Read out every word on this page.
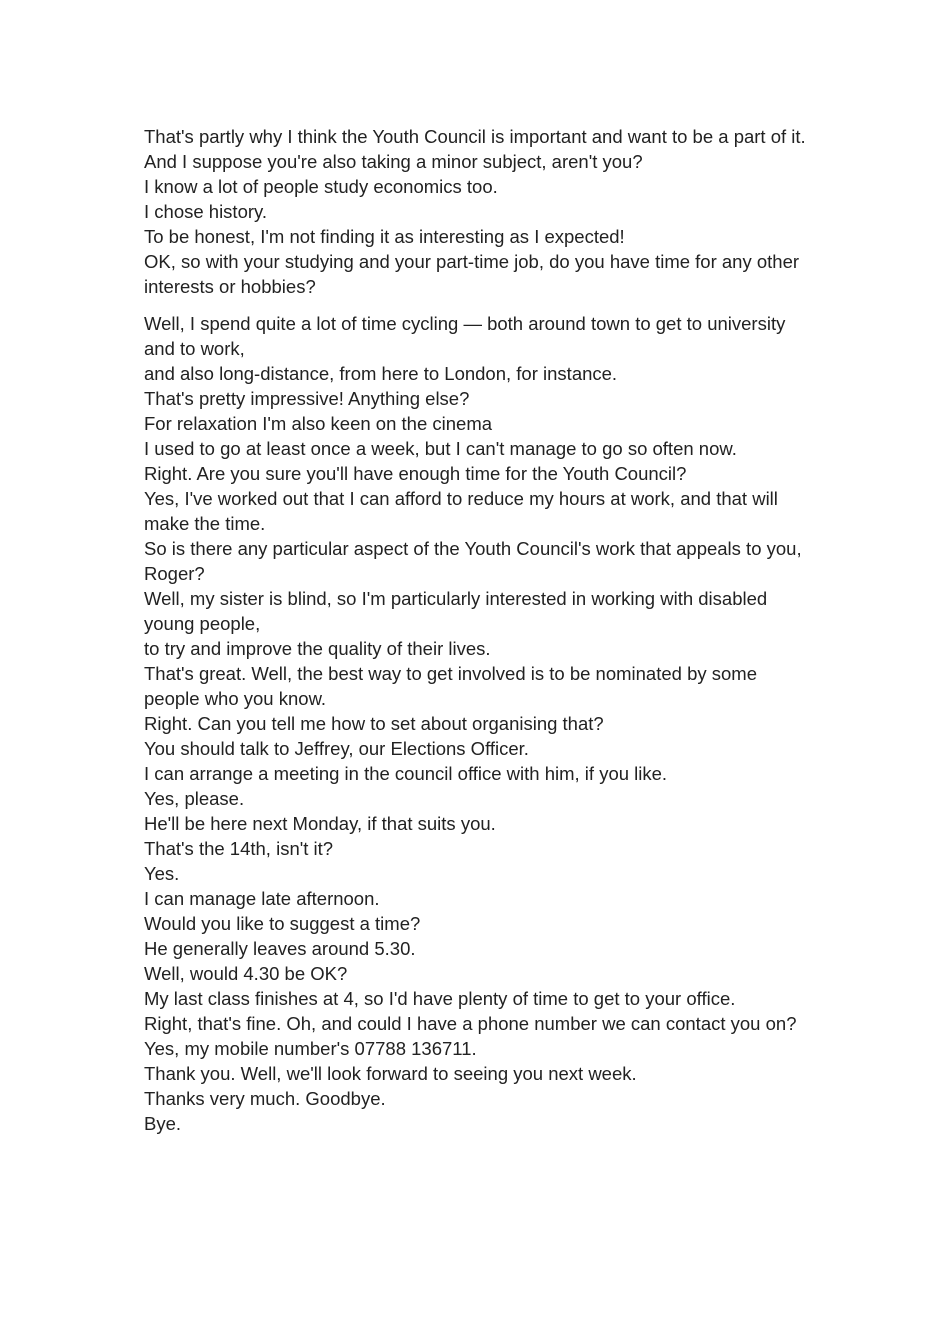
That's partly why I think the Youth Council is important and want to be a part of it.
And I suppose you're also taking a minor subject, aren't you?
I know a lot of people study economics too.
I chose history.
To be honest, I'm not finding it as interesting as I expected!
OK, so with your studying and your part-time job, do you have time for any other interests or hobbies?
Well, I spend quite a lot of time cycling — both around town to get to university and to work,
and also long-distance, from here to London, for instance.
That's pretty impressive! Anything else?
For relaxation I'm also keen on the cinema
I used to go at least once a week, but I can't manage to go so often now.
Right. Are you sure you'll have enough time for the Youth Council?
Yes, I've worked out that I can afford to reduce my hours at work, and that will make the time.
So is there any particular aspect of the Youth Council's work that appeals to you, Roger?
Well, my sister is blind, so I'm particularly interested in working with disabled young people,
to try and improve the quality of their lives.
That's great. Well, the best way to get involved is to be nominated by some people who you know.
Right. Can you tell me how to set about organising that?
You should talk to Jeffrey, our Elections Officer.
I can arrange a meeting in the council office with him, if you like.
Yes, please.
He'll be here next Monday, if that suits you.
That's the 14th, isn't it?
Yes.
I can manage late afternoon.
Would you like to suggest a time?
He generally leaves around 5.30.
Well, would 4.30 be OK?
My last class finishes at 4, so I'd have plenty of time to get to your office.
Right, that's fine. Oh, and could I have a phone number we can contact you on?
Yes, my mobile number's 07788 136711.
Thank you. Well, we'll look forward to seeing you next week.
Thanks very much. Goodbye.
Bye.
